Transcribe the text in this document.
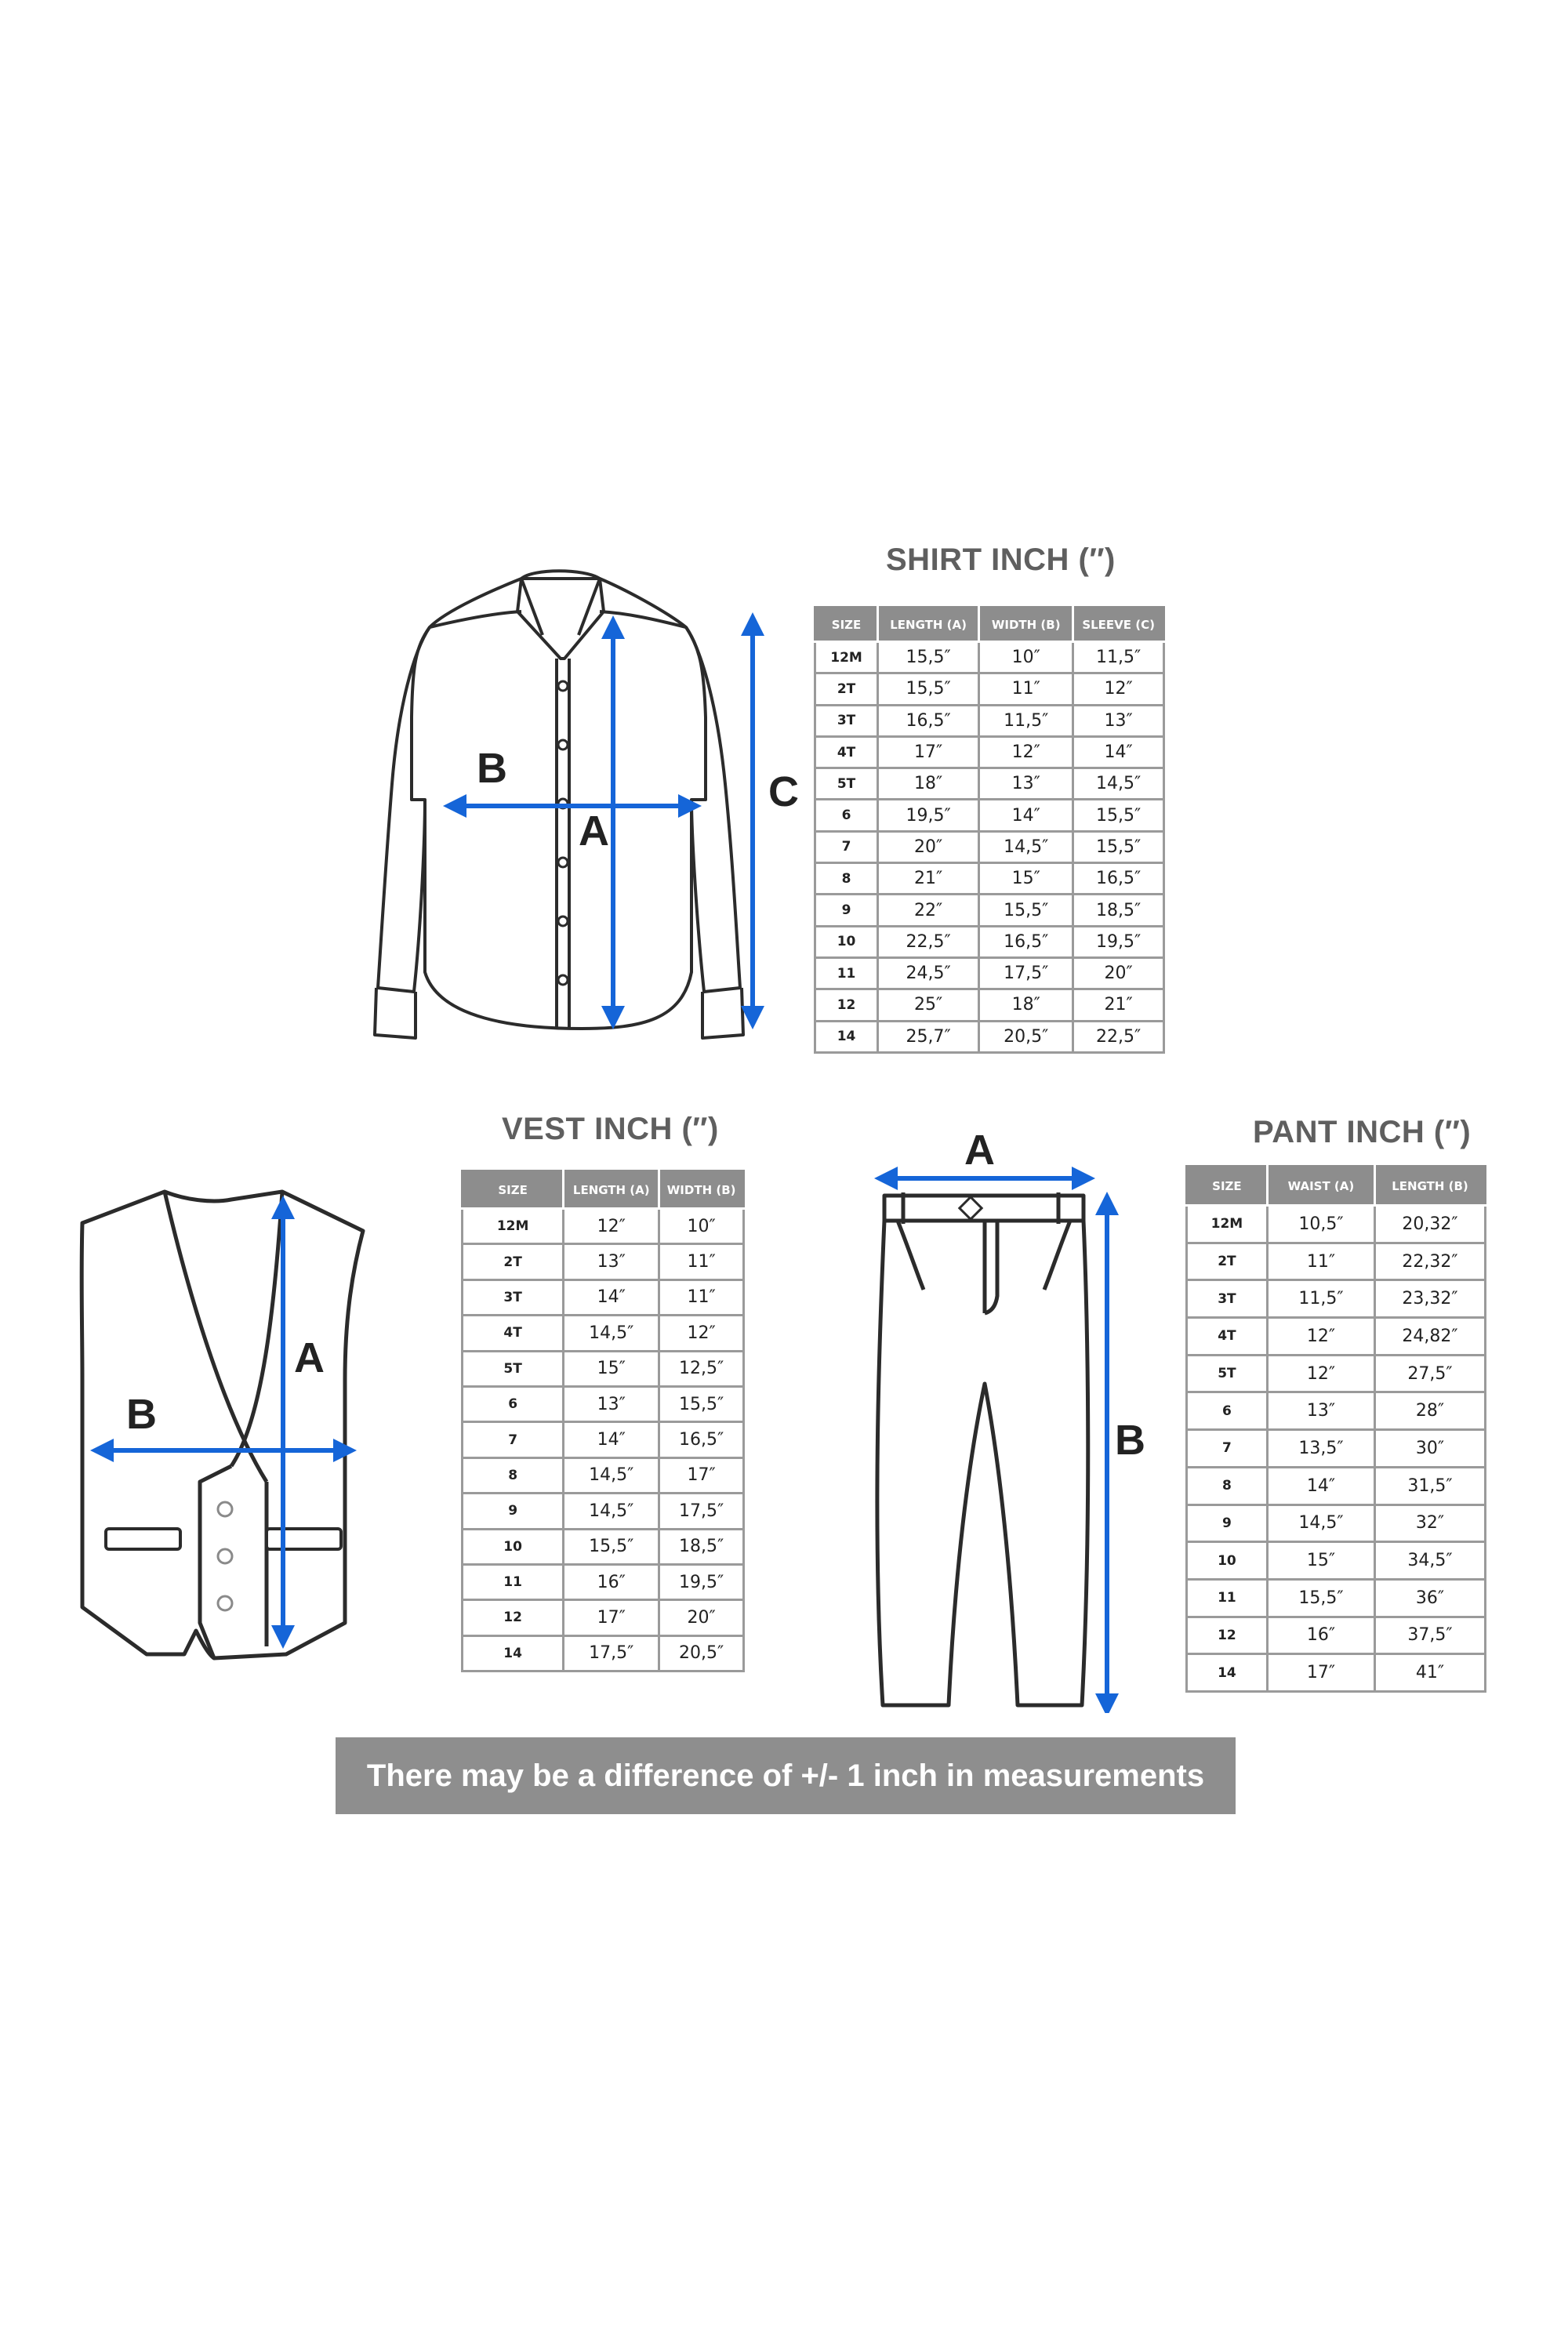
B
A
C
SHIRT INCH (″)
SIZE	LENGTH (A)	WIDTH (B)	SLEEVE (C)
12M	15,5″	10″	11,5″
2T	15,5″	11″	12″
3T	16,5″	11,5″	13″
4T	17″	12″	14″
5T	18″	13″	14,5″
6	19,5″	14″	15,5″
7	20″	14,5″	15,5″
8	21″	15″	16,5″
9	22″	15,5″	18,5″
10	22,5″	16,5″	19,5″
11	24,5″	17,5″	20″
12	25″	18″	21″
14	25,7″	20,5″	22,5″
VEST INCH (″)
B
A
SIZE	LENGTH (A)	WIDTH (B)
12M	12″	10″
2T	13″	11″
3T	14″	11″
4T	14,5″	12″
5T	15″	12,5″
6	13″	15,5″
7	14″	16,5″
8	14,5″	17″
9	14,5″	17,5″
10	15,5″	18,5″
11	16″	19,5″
12	17″	20″
14	17,5″	20,5″
PANT INCH (″)
A
B
SIZE	WAIST (A)	LENGTH (B)
12M	10,5″	20,32″
2T	11″	22,32″
3T	11,5″	23,32″
4T	12″	24,82″
5T	12″	27,5″
6	13″	28″
7	13,5″	30″
8	14″	31,5″
9	14,5″	32″
10	15″	34,5″
11	15,5″	36″
12	16″	37,5″
14	17″	41″
There may be a difference of +/- 1 inch in measurements
